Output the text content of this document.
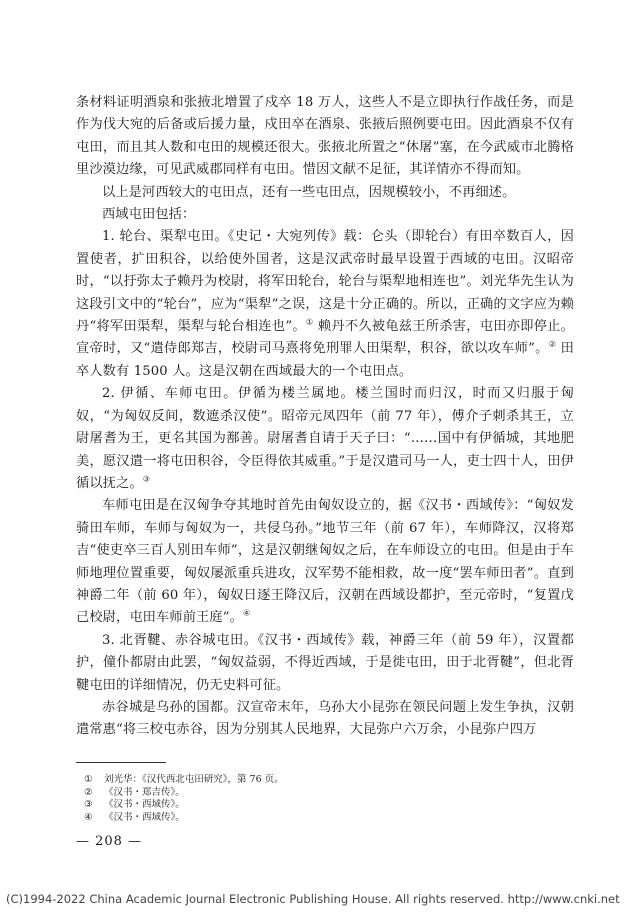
条材料证明酒泉和张掖北增置了戍卒 18 万人，这些人不是立即执行作战任务，而是作为伐大宛的后备或后援力量，戍田卒在酒泉、张掖后照例要屯田。因此酒泉不仅有屯田，而且其人数和屯田的规模还很大。张掖北所置之“休屠”塞，在今武威市北腾格里沙漠边缘，可见武威郡同样有屯田。惜因文献不足征，其详情亦不得而知。

以上是河西较大的屯田点，还有一些屯田点，因规模较小，不再细述。

西域屯田包括：

1. 轮台、渠犁屯田。《史记・大宛列传》载：仑头（即轮台）有田卒数百人，因置使者，扩田积谷，以给使外国者，这是汉武帝时最早设置于西域的屯田。汉昭帝时，“以扜弥太子赖丹为校尉，将军田轮台，轮台与渠犁地相连也”。刘光华先生认为这段引文中的“轮台”，应为“渠犁”之误，这是十分正确的。所以，正确的文字应为赖丹“将军田渠犁，渠犁与轮台相连也”。① 赖丹不久被龟兹王所杀害，屯田亦即停止。宣帝时，又“遣侍郎郑吉，校尉司马熹将免刑罪人田渠犁，积谷，欲以攻车师”。② 田卒人数有 1500 人。这是汉朝在西域最大的一个屯田点。

2. 伊循、车师屯田。伊循为楼兰属地。楼兰国时而归汉，时而又归服于匈奴，“为匈奴反间，数遮杀汉使”。昭帝元凤四年（前 77 年），傅介子刺杀其王，立尉屠耆为王，更名其国为鄯善。尉屠耆自请于天子曰：“……国中有伊循城，其地肥美，愿汉遣一将屯田积谷，令臣得依其威重。”于是汉遣司马一人，吏士四十人，田伊循以抚之。③

车师屯田是在汉匈争夺其地时首先由匈奴设立的，据《汉书・西域传》：“匈奴发骑田车师，车师与匈奴为一，共侵乌孙。”地节三年（前 67 年），车师降汉，汉将郑吉“使吏卒三百人别田车师”，这是汉朝继匈奴之后，在车师设立的屯田。但是由于车师地理位置重要，匈奴屡派重兵进攻，汉军势不能相救，故一度“罢车师田者”。直到神爵二年（前 60 年），匈奴日逐王降汉后，汉朝在西域设都护，至元帝时，“复置戊己校尉，屯田车师前王庭”。④

3. 北胥鞬、赤谷城屯田。《汉书・西域传》载，神爵三年（前 59 年），汉置都护，僮仆都尉由此罢，“匈奴益弱，不得近西域，于是徙屯田，田于北胥鞬”，但北胥鞬屯田的详细情况，仍无史料可征。

赤谷城是乌孙的国都。汉宣帝末年，乌孙大小昆弥在领民问题上发生争执，汉朝遣常惠“将三校屯赤谷，因为分别其人民地界，大昆弥户六万余，小昆弥户四万

① 刘光华：《汉代西北屯田研究》，第 76 页。
② 《汉书・郑吉传》。
③ 《汉书・西域传》。
④ 《汉书・西域传》。
— 208 —
(C)1994-2022 China Academic Journal Electronic Publishing House. All rights reserved. http://www.cnki.net
